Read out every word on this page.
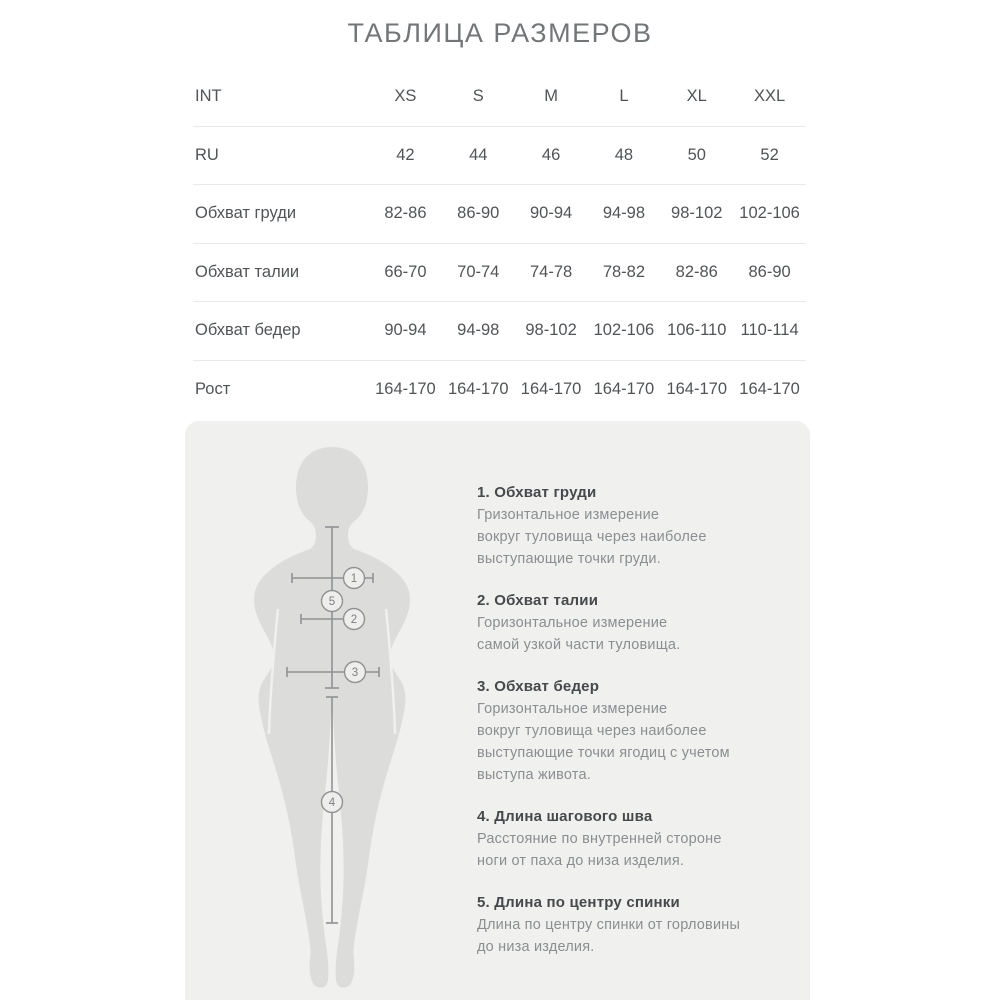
ТАБЛИЦА РАЗМЕРОВ
INT	XS	S	M	L	XL	XXL
RU	42	44	46	48	50	52
Обхват груди	82-86	86-90	90-94	94-98	98-102	102-106
Обхват талии	66-70	70-74	74-78	78-82	82-86	86-90
Обхват бедер	90-94	94-98	98-102	102-106 106-110 110-114
Рост	164-170 164-170 164-170 164-170 164-170 164-170
1
5
2
3
4
1. Обхват груди
Гризонтальное измерение
вокруг туловища через наиболее
выступающие точки груди.
2. Обхват талии
Горизонтальное измерение
самой узкой части туловища.
3. Обхват бедер
Горизонтальное измерение
вокруг туловища через наиболее
выступающие точки ягодиц с учетом
выступа живота.
4. Длина шагового шва
Расстояние по внутренней стороне
ноги от паха до низа изделия.
5. Длина по центру спинки
Длина по центру спинки от горловины
до низа изделия.
